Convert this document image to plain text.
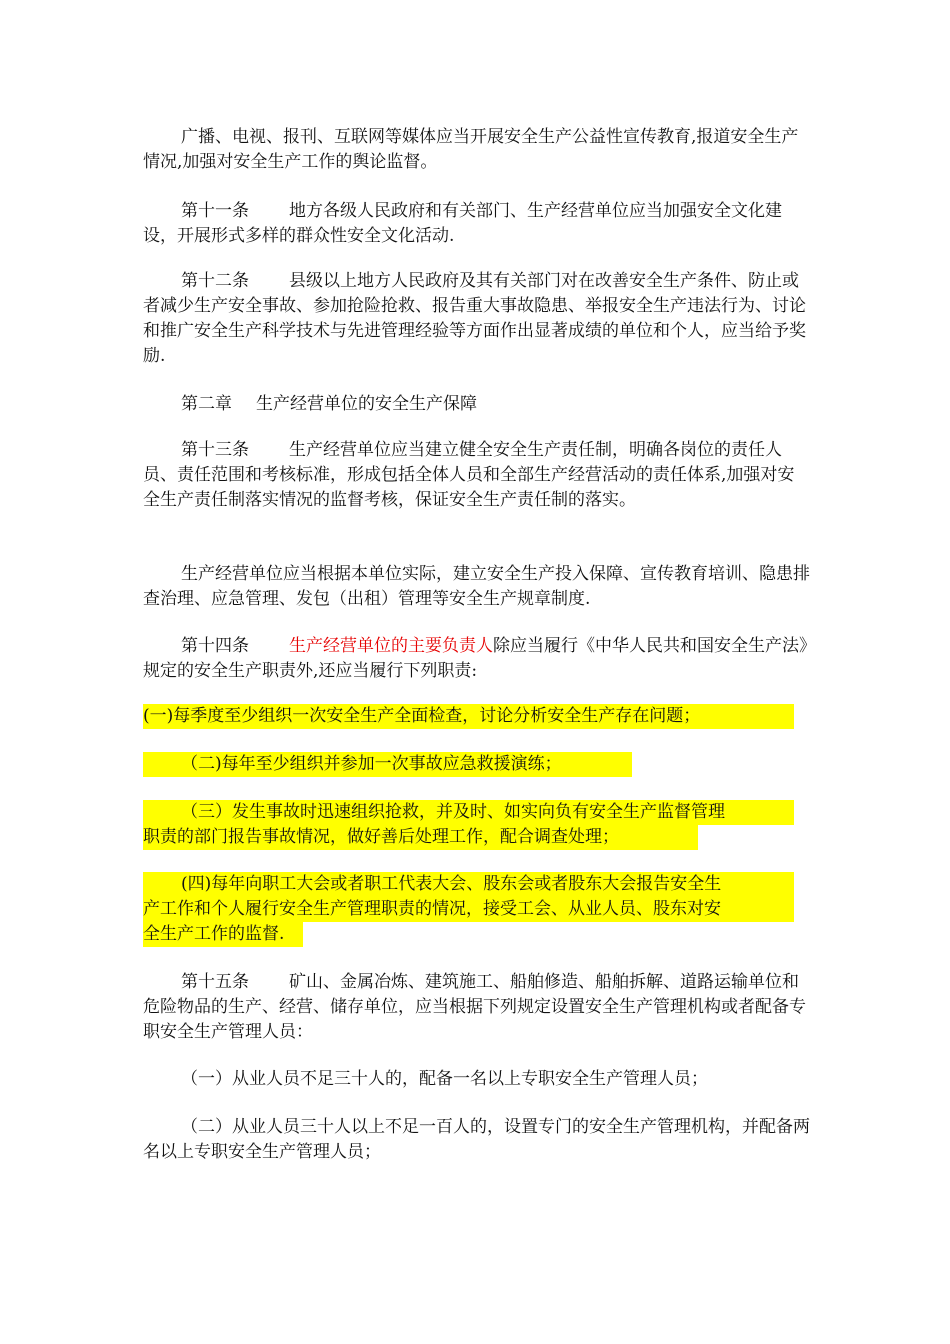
广播、电视、报刊、互联网等媒体应当开展安全生产公益性宣传教育,报道安全生产情况,加强对安全生产工作的舆论监督。

第十一条 地方各级人民政府和有关部门、生产经营单位应当加强安全文化建设，开展形式多样的群众性安全文化活动.

第十二条 县级以上地方人民政府及其有关部门对在改善安全生产条件、防止或者减少生产安全事故、参加抢险抢救、报告重大事故隐患、举报安全生产违法行为、讨论和推广安全生产科学技术与先进管理经验等方面作出显著成绩的单位和个人，应当给予奖励.

第二章 生产经营单位的安全生产保障

第十三条 生产经营单位应当建立健全安全生产责任制，明确各岗位的责任人员、责任范围和考核标准，形成包括全体人员和全部生产经营活动的责任体系,加强对安全生产责任制落实情况的监督考核，保证安全生产责任制的落实。

生产经营单位应当根据本单位实际，建立安全生产投入保障、宣传教育培训、隐患排查治理、应急管理、发包（出租）管理等安全生产规章制度.

第十四条 生产经营单位的主要负责人除应当履行《中华人民共和国安全生产法》规定的安全生产职责外,还应当履行下列职责:

(一)每季度至少组织一次安全生产全面检查，讨论分析安全生产存在问题；
（二)每年至少组织并参加一次事故应急救援演练；
（三）发生事故时迅速组织抢救，并及时、如实向负有安全生产监督管理
职责的部门报告事故情况，做好善后处理工作，配合调查处理；
(四)每年向职工大会或者职工代表大会、股东会或者股东大会报告安全生
产工作和个人履行安全生产管理职责的情况，接受工会、从业人员、股东对安
全生产工作的监督.

第十五条 矿山、金属冶炼、建筑施工、船舶修造、船舶拆解、道路运输单位和危险物品的生产、经营、储存单位，应当根据下列规定设置安全生产管理机构或者配备专职安全生产管理人员：

（一）从业人员不足三十人的，配备一名以上专职安全生产管理人员；

（二）从业人员三十人以上不足一百人的，设置专门的安全生产管理机构，并配备两名以上专职安全生产管理人员；
